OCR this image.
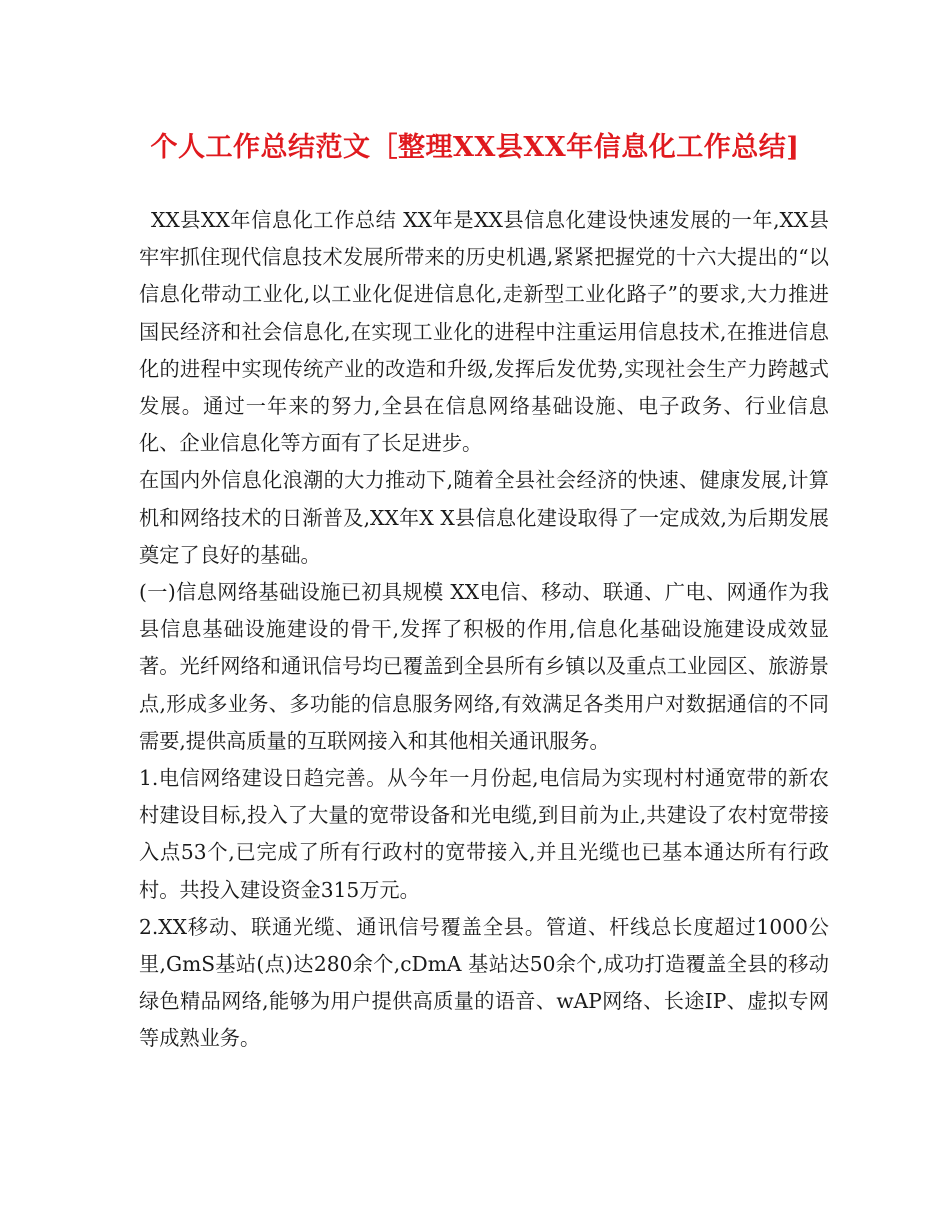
个人工作总结范文［整理XX县XX年信息化工作总结]

XX县XX年信息化工作总结 XX年是XX县信息化建设快速发展的一年,XX县牢牢抓住现代信息技术发展所带来的历史机遇,紧紧把握党的十六大提出的“以信息化带动工业化,以工业化促进信息化,走新型工业化路子”的要求,大力推进国民经济和社会信息化,在实现工业化的进程中注重运用信息技术,在推进信息化的进程中实现传统产业的改造和升级,发挥后发优势,实现社会生产力跨越式发展。通过一年来的努力,全县在信息网络基础设施、电子政务、行业信息化、企业信息化等方面有了长足进步。

在国内外信息化浪潮的大力推动下,随着全县社会经济的快速、健康发展,计算机和网络技术的日渐普及,XX年X X县信息化建设取得了一定成效,为后期发展奠定了良好的基础。

(一)信息网络基础设施已初具规模 XX电信、移动、联通、广电、网通作为我县信息基础设施建设的骨干,发挥了积极的作用,信息化基础设施建设成效显著。光纤网络和通讯信号均已覆盖到全县所有乡镇以及重点工业园区、旅游景点,形成多业务、多功能的信息服务网络,有效满足各类用户对数据通信的不同需要,提供高质量的互联网接入和其他相关通讯服务。

1.电信网络建设日趋完善。从今年一月份起,电信局为实现村村通宽带的新农村建设目标,投入了大量的宽带设备和光电缆,到目前为止,共建设了农村宽带接入点53个,已完成了所有行政村的宽带接入,并且光缆也已基本通达所有行政村。共投入建设资金315万元。

2.XX移动、联通光缆、通讯信号覆盖全县。管道、杆线总长度超过1000公里,GmS基站(点)达280余个,cDmA 基站达50余个,成功打造覆盖全县的移动绿色精品网络,能够为用户提供高质量的语音、wAP网络、长途IP、虚拟专网等成熟业务。
